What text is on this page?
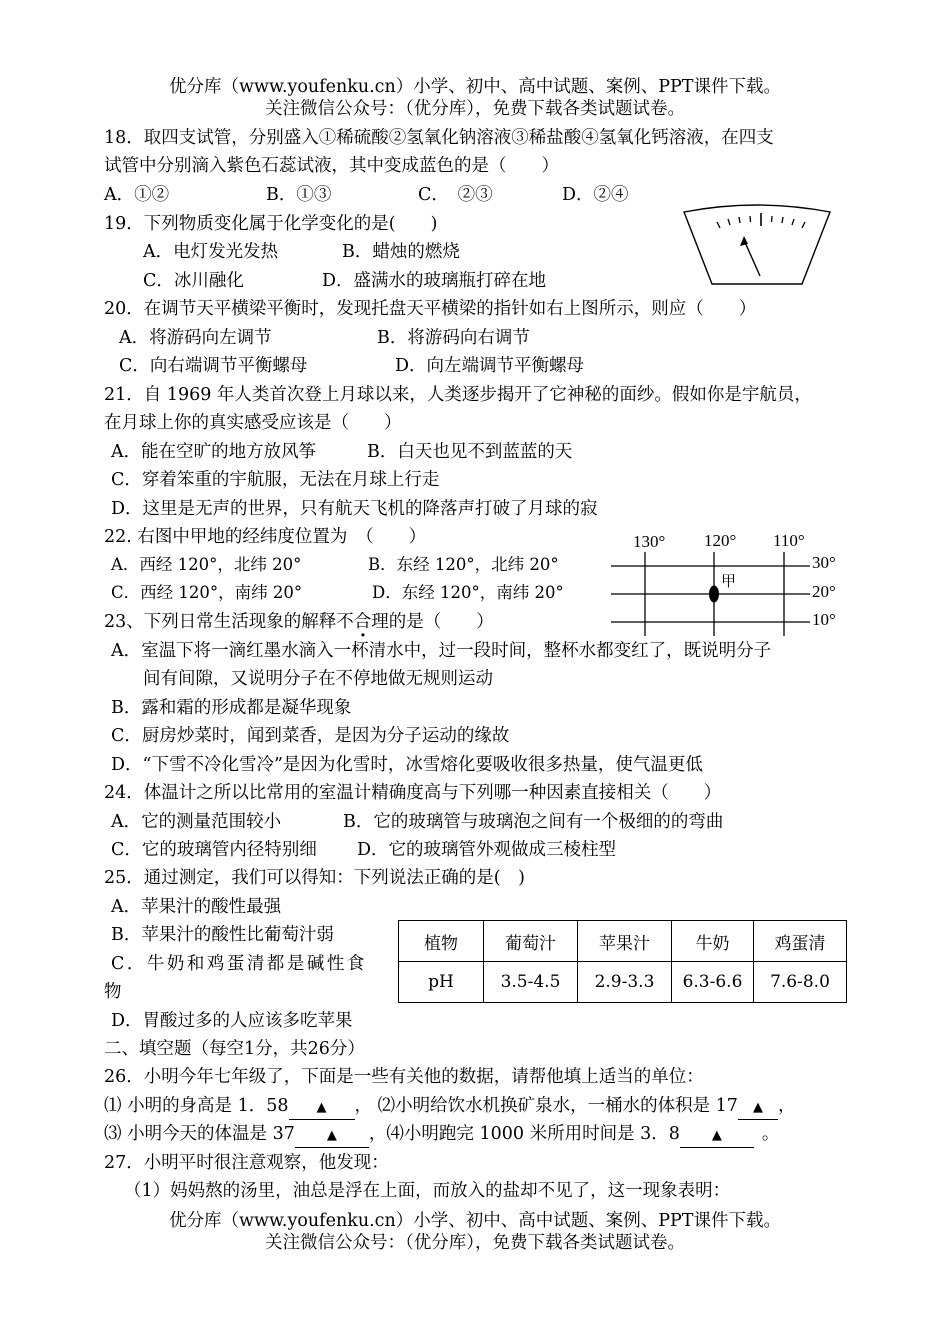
优分库（www.youfenku.cn）小学、初中、高中试题、案例、PPT课件下载。
关注微信公众号：（优分库），免费下载各类试题试卷。
18．取四支试管，分别盛入①稀硫酸②氢氧化钠溶液③稀盐酸④氢氧化钙溶液，在四支
试管中分别滴入紫色石蕊试液，其中变成蓝色的是（　　）
A．①②	B．①③	C．　②③	D．②④
19．下列物质变化属于化学变化的是(　　)
A．电灯发光发热	B．蜡烛的燃烧
C．冰川融化	D．盛满水的玻璃瓶打碎在地
20．在调节天平横梁平衡时，发现托盘天平横梁的指针如右上图所示，则应（　　）
A．将游码向左调节	B．将游码向右调节
C．向右端调节平衡螺母	D．向左端调节平衡螺母
21．自 1969 年人类首次登上月球以来，人类逐步揭开了它神秘的面纱。假如你是宇航员，
在月球上你的真实感受应该是（　　）
A．能在空旷的地方放风筝	B．白天也见不到蓝蓝的天
C．穿着笨重的宇航服，无法在月球上行走
D．这里是无声的世界，只有航天飞机的降落声打破了月球的寂
22. 右图中甲地的经纬度位置为　（　　）
A．西经 120°，北纬 20°	B．东经 120°，北纬 20°
C．西经 120°，南纬 20°	D．东经 120°，南纬 20°
130° 120° 110°
30°
20°
10°
甲
23、下列日常生活现象的解释不合理的是（　　）
A．室温下将一滴红墨水滴入一杯清水中，过一段时间，整杯水都变红了，既说明分子
间有间隙，又说明分子在不停地做无规则运动
B．露和霜的形成都是凝华现象
C．厨房炒菜时，闻到菜香，是因为分子运动的缘故
D．“下雪不冷化雪冷”是因为化雪时，冰雪熔化要吸收很多热量，使气温更低
24．体温计之所以比常用的室温计精确度高与下列哪一种因素直接相关（　　）
A．它的测量范围较小	B．它的玻璃管与玻璃泡之间有一个极细的的弯曲
C．它的玻璃管内径特别细 D．它的玻璃管外观做成三棱柱型
25．通过测定，我们可以得知：下列说法正确的是(　)
A．苹果汁的酸性最强
B．苹果汁的酸性比葡萄汁弱
C．牛奶和鸡蛋清都是碱性食
物
D．胃酸过多的人应该多吃苹果
植物	葡萄汁	苹果汁	牛奶	鸡蛋清
pH	3.5-4.5	2.9-3.3	6.3-6.6	7.6-8.0
二、填空题（每空1分，共26分）
26．小明今年七年级了，下面是一些有关他的数据，请帮他填上适当的单位：
⑴ 小明的身高是 1．58 ▲ ， ⑵小明给饮水机换矿泉水，一桶水的体积是 17 ▲ ，
⑶ 小明今天的体温是 37 ▲ ，⑷小明跑完 1000 米所用时间是 3．8 ▲ 。
27．小明平时很注意观察，他发现：
（1）妈妈熬的汤里，油总是浮在上面，而放入的盐却不见了，这一现象表明：
优分库（www.youfenku.cn）小学、初中、高中试题、案例、PPT课件下载。
关注微信公众号：（优分库），免费下载各类试题试卷。
